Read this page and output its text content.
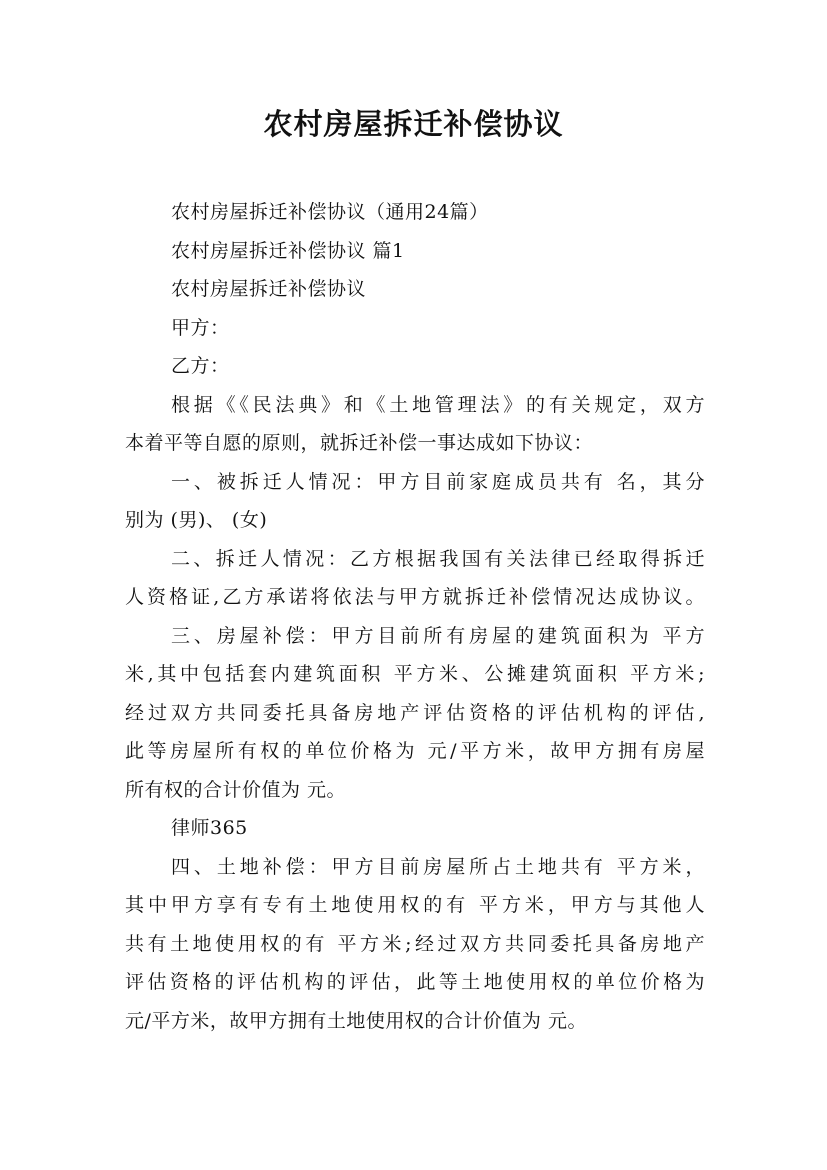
农村房屋拆迁补偿协议
农村房屋拆迁补偿协议（通用24篇）
农村房屋拆迁补偿协议 篇1
农村房屋拆迁补偿协议
甲方：
乙方：
根据《《民法典》和《土地管理法》的有关规定，双方
本着平等自愿的原则，就拆迁补偿一事达成如下协议：
一、被拆迁人情况：甲方目前家庭成员共有 名，其分
别为 (男)、 (女)
二、拆迁人情况：乙方根据我国有关法律已经取得拆迁
人资格证,乙方承诺将依法与甲方就拆迁补偿情况达成协议。
三、房屋补偿：甲方目前所有房屋的建筑面积为 平方
米,其中包括套内建筑面积 平方米、公摊建筑面积 平方米;
经过双方共同委托具备房地产评估资格的评估机构的评估,
此等房屋所有权的单位价格为 元/平方米，故甲方拥有房屋
所有权的合计价值为 元。
律师365
四、土地补偿：甲方目前房屋所占土地共有 平方米，
其中甲方享有专有土地使用权的有 平方米，甲方与其他人
共有土地使用权的有 平方米;经过双方共同委托具备房地产
评估资格的评估机构的评估，此等土地使用权的单位价格为
元/平方米，故甲方拥有土地使用权的合计价值为 元。
